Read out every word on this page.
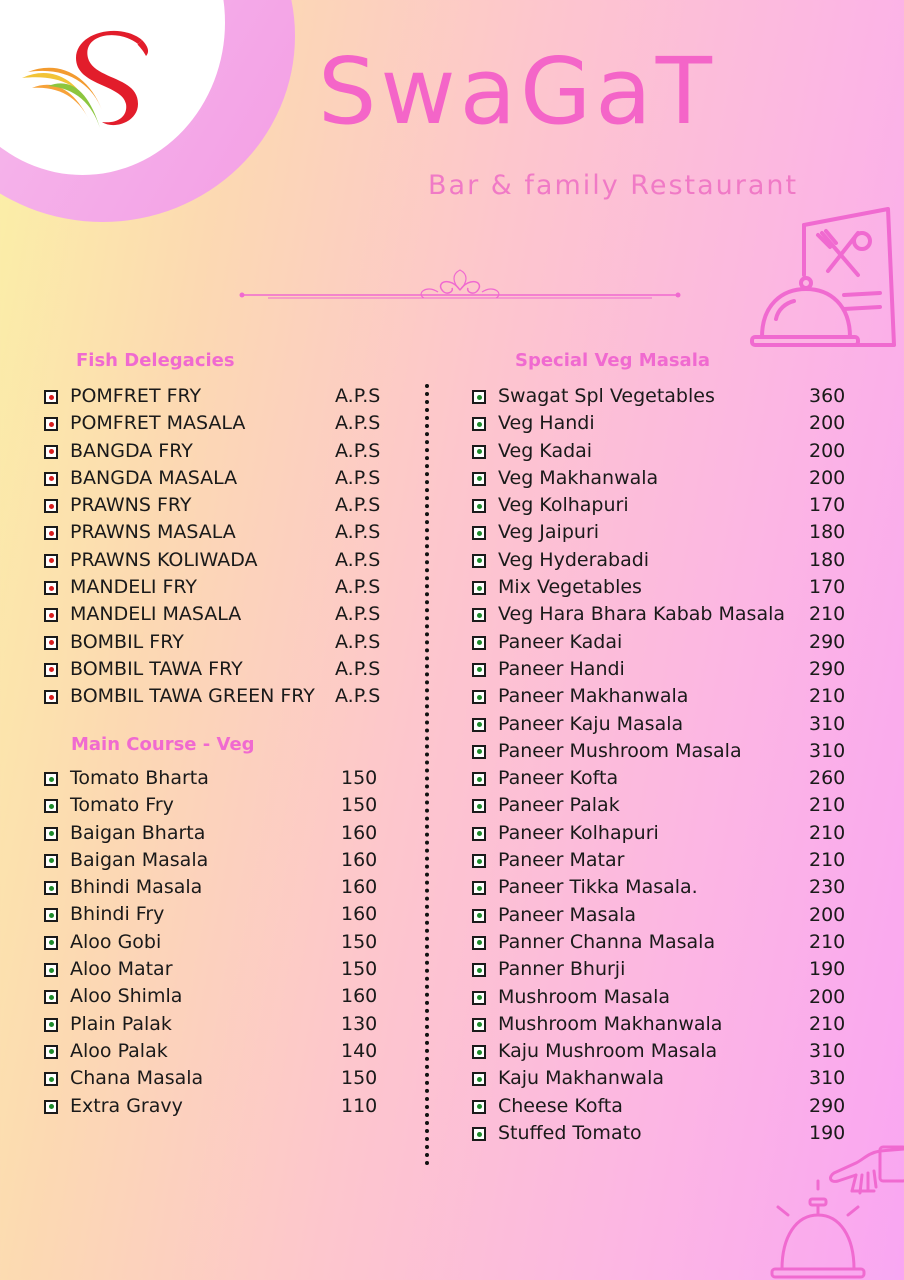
SwaGaT
Bar & family Restaurant
Fish Delegacies
POMFRET FRY	A.P.S
POMFRET MASALA	A.P.S
BANGDA FRY	A.P.S
BANGDA MASALA	A.P.S
PRAWNS FRY	A.P.S
PRAWNS MASALA	A.P.S
PRAWNS KOLIWADA	A.P.S
MANDELI FRY	A.P.S
MANDELI MASALA	A.P.S
BOMBIL FRY	A.P.S
BOMBIL TAWA FRY	A.P.S
BOMBIL TAWA GREEN FRY A.P.S
Main Course - Veg
Tomato Bharta	150
Tomato Fry	150
Baigan Bharta	160
Baigan Masala	160
Bhindi Masala	160
Bhindi Fry	160
Aloo Gobi	150
Aloo Matar	150
Aloo Shimla	160
Plain Palak	130
Aloo Palak	140
Chana Masala	150
Extra Gravy	110
Special Veg Masala
Swagat Spl Vegetables	360
Veg Handi	200
Veg Kadai	200
Veg Makhanwala	200
Veg Kolhapuri	170
Veg Jaipuri	180
Veg Hyderabadi	180
Mix Vegetables	170
Veg Hara Bhara Kabab Masala 210
Paneer Kadai	290
Paneer Handi	290
Paneer Makhanwala	210
Paneer Kaju Masala	310
Paneer Mushroom Masala	310
Paneer Kofta	260
Paneer Palak	210
Paneer Kolhapuri	210
Paneer Matar	210
Paneer Tikka Masala.	230
Paneer Masala	200
Panner Channa Masala	210
Panner Bhurji	190
Mushroom Masala	200
Mushroom Makhanwala	210
Kaju Mushroom Masala	310
Kaju Makhanwala	310
Cheese Kofta	290
Stuffed Tomato	190
